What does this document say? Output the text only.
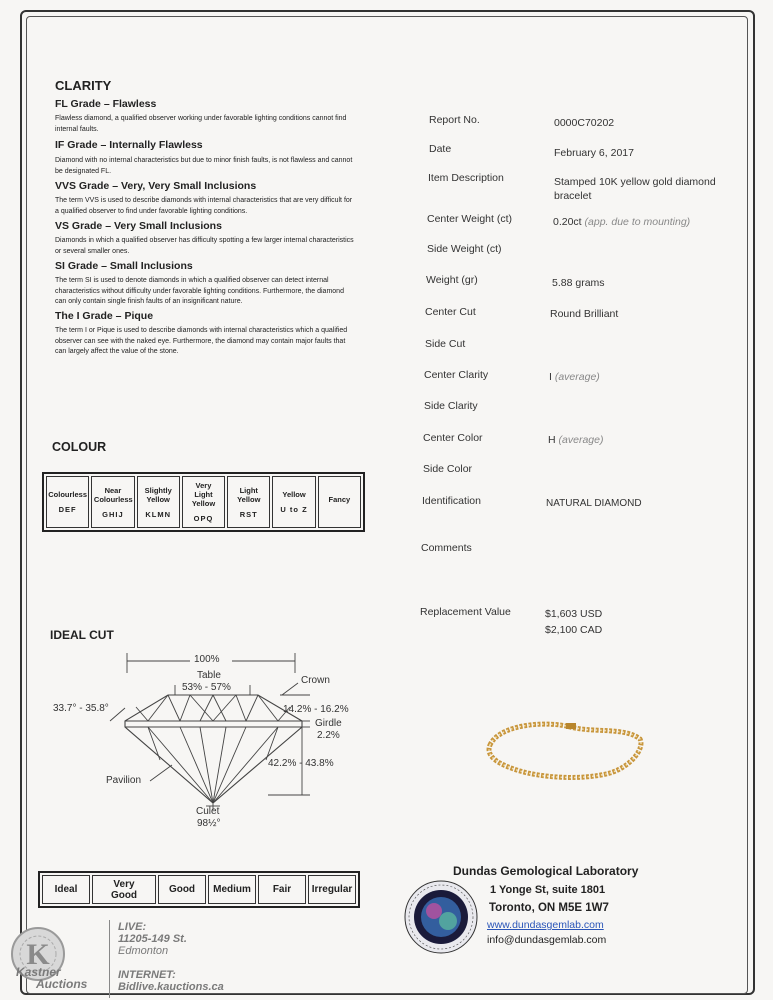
CLARITY
FL Grade – Flawless
Flawless diamond, a qualified observer working under favorable lighting conditions cannot find internal faults.
IF Grade – Internally Flawless
Diamond with no internal characteristics but due to minor finish faults, is not flawless and cannot be designated FL.
VVS Grade – Very, Very Small Inclusions
The term VVS is used to describe diamonds with internal characteristics that are very difficult for a qualified observer to find under favorable lighting conditions.
VS Grade – Very Small Inclusions
Diamonds in which a qualified observer has difficulty spotting a few larger internal characteristics or several smaller ones.
SI Grade – Small Inclusions
The term SI is used to denote diamonds in which a qualified observer can detect internal characteristics without difficulty under favorable lighting conditions. Furthermore, the diamond can only contain single finish faults of an insignificant nature.
The I Grade – Pique
The term I or Pique is used to describe diamonds with internal characteristics which a qualified observer can see with the naked eye. Furthermore, the diamond may contain major faults that can largely affect the value of the stone.
COLOUR
Colourless
DEF
Near Colourless
GHIJ
Slightly Yellow
KLMN
Very Light Yellow
OPQ
Light Yellow
RST
Yellow
U to Z
Fancy
IDEAL CUT
100%
Table
53% - 57%
Crown
33.7° - 35.8°	14.2% - 16.2%
Girdle
2.2%
42.2% - 43.8%
Pavilion
Culet
98½°
Ideal	Very Good	Good	Medium	Fair	Irregular
Report No.	0000C70202
Date	February 6, 2017
Item Description	Stamped 10K yellow gold diamond bracelet
Center Weight (ct)	0.20ct (app. due to mounting)
Side Weight (ct)
Weight (gr)	5.88 grams
Center Cut	Round Brilliant
Side Cut
Center Clarity	I (average)
Side Clarity
Center Color	H (average)
Side Color
Identification	NATURAL DIAMOND
Comments
Replacement Value	$1,603 USD
$2,100 CAD
Dundas Gemological Laboratory
1 Yonge St, suite 1801
Toronto, ON M5E 1W7
www.dundasgemlab.com
info@dundasgemlab.com
K
Kastner
Auctions
LIVE:
11205-149 St.
Edmonton
INTERNET:
Bidlive.kauctions.ca
